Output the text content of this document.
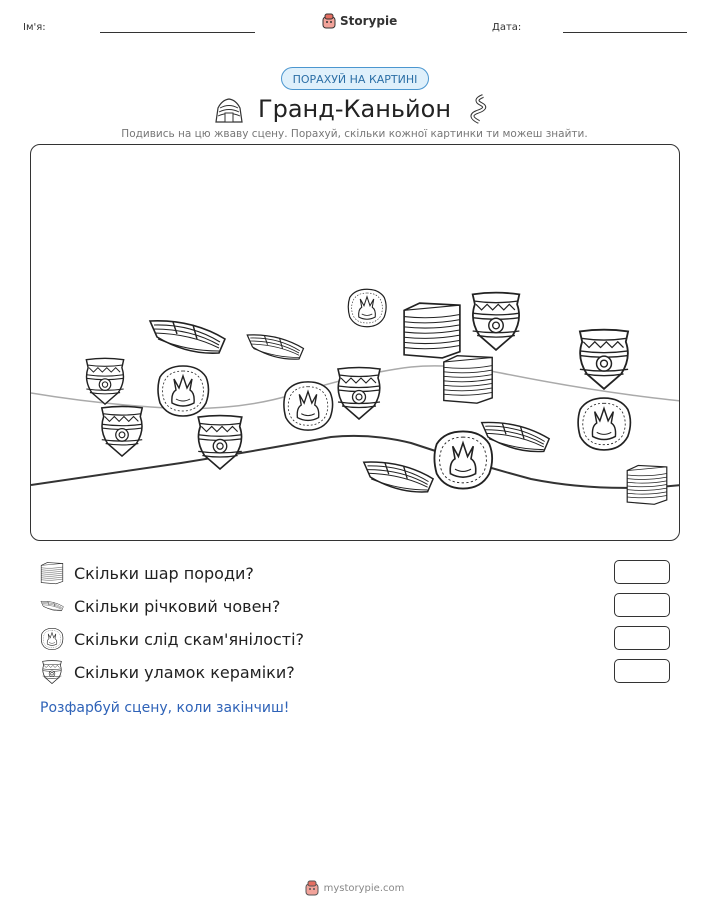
Ім'я:	Storypie	Дата:
ПОРАХУЙ НА КАРТИНІ
Гранд-Каньйон
Подивись на цю жваву сцену. Порахуй, скільки кожної картинки ти можеш знайти.
Скільки шар породи?
Скільки річковий човен?
Скільки слід скам'янілості?
Скільки уламок кераміки?
Розфарбуй сцену, коли закінчиш!
mystorypie.com
